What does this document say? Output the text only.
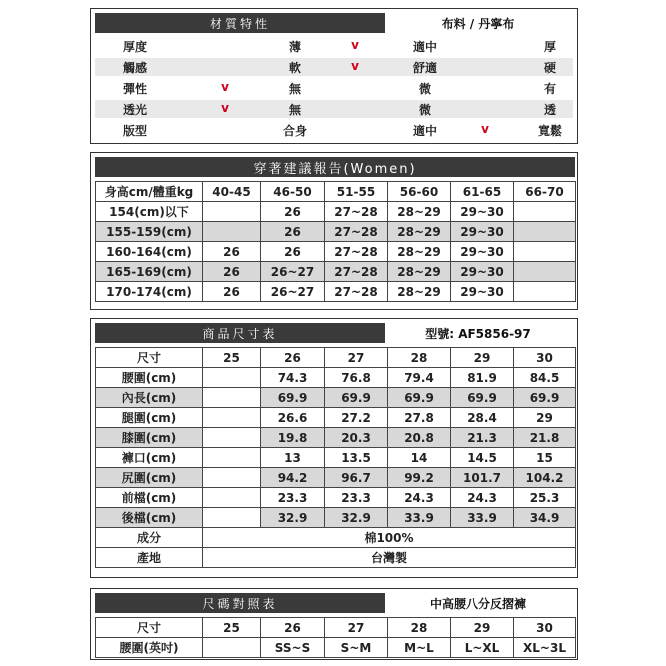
材質特性	布料 / 丹寧布
厚度	薄	v	適中	厚
觸感	軟	v	舒適	硬
彈性	v	無	微	有
透光	v	無	微	透
版型	合身	適中	v	寬鬆
穿著建議報告(Women)
身高cm/體重kg	40-45	46-50	51-55	56-60	61-65	66-70
154(cm)以下		26	27~28	28~29	29~30	
155-159(cm)		26	27~28	28~29	29~30	
160-164(cm)	26	26	27~28	28~29	29~30	
165-169(cm)	26	26~27	27~28	28~29	29~30	
170-174(cm)	26	26~27	27~28	28~29	29~30	
商品尺寸表	型號: AF5856-97
尺寸	25	26	27	28	29	30
腰圍(cm)		74.3	76.8	79.4	81.9	84.5
內長(cm)		69.9	69.9	69.9	69.9	69.9
腿圍(cm)		26.6	27.2	27.8	28.4	29
膝圍(cm)		19.8	20.3	20.8	21.3	21.8
褲口(cm)		13	13.5	14	14.5	15
尻圍(cm)		94.2	96.7	99.2	101.7	104.2
前檔(cm)		23.3	23.3	24.3	24.3	25.3
後檔(cm)		32.9	32.9	33.9	33.9	34.9
成分	棉100%					
產地	台灣製					
尺碼對照表	中高腰八分反摺褲
尺寸	25	26	27	28	29	30
腰圍(英吋)		SS~S	S~M	M~L	L~XL	XL~3L
